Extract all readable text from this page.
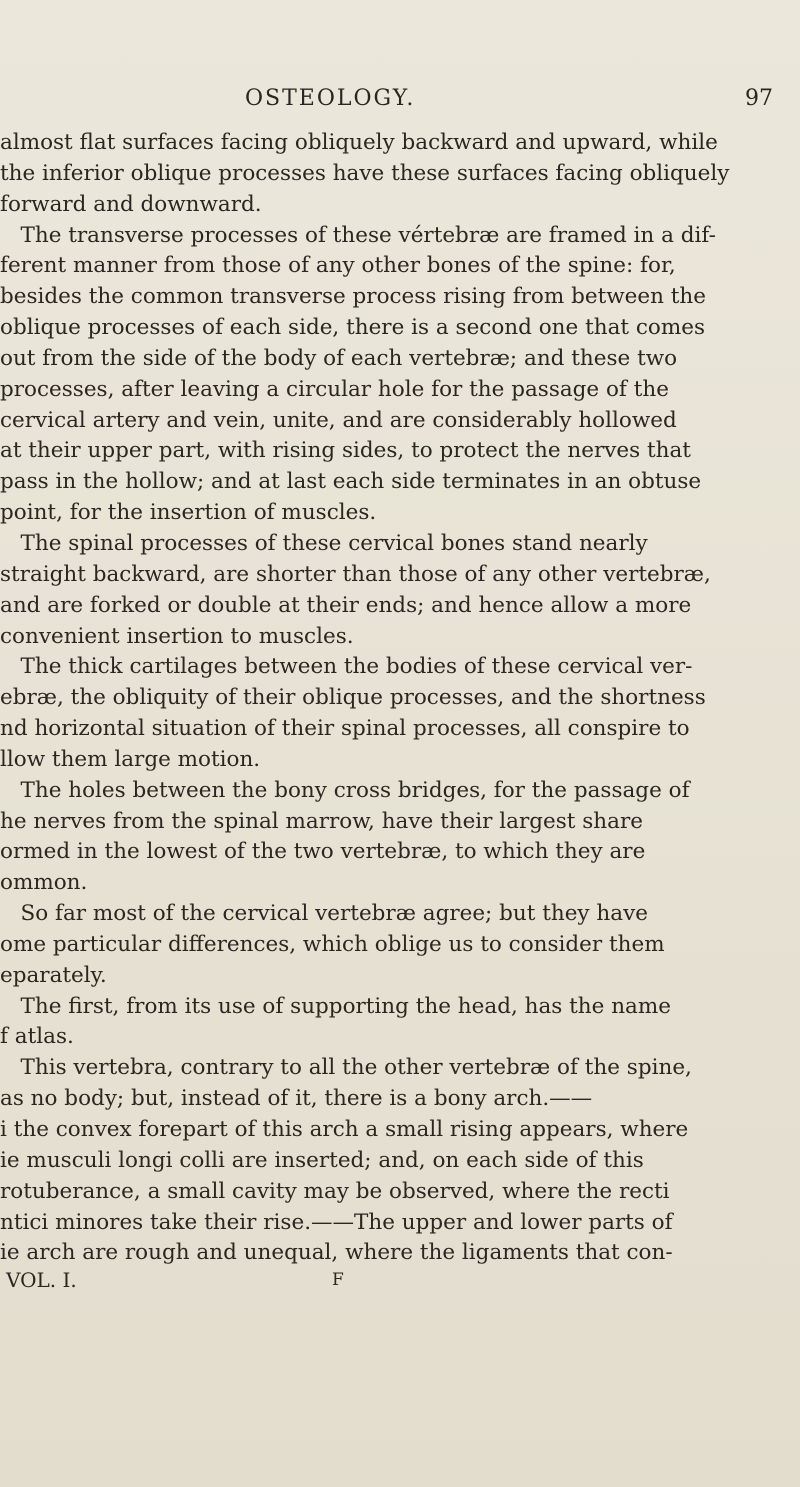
OSTEOLOGY.	97
almost flat surfaces facing obliquely backward and upward, while
the inferior oblique processes have these surfaces facing obliquely
forward and downward.
The transverse processes of these vértebræ are framed in a dif-
ferent manner from those of any other bones of the spine: for,
besides the common transverse process rising from between the
oblique processes of each side, there is a second one that comes
out from the side of the body of each vertebræ; and these two
processes, after leaving a circular hole for the passage of the
cervical artery and vein, unite, and are considerably hollowed
at their upper part, with rising sides, to protect the nerves that
pass in the hollow; and at last each side terminates in an obtuse
point, for the insertion of muscles.
The spinal processes of these cervical bones stand nearly
straight backward, are shorter than those of any other vertebræ,
and are forked or double at their ends; and hence allow a more
convenient insertion to muscles.
The thick cartilages between the bodies of these cervical ver-
ebræ, the obliquity of their oblique processes, and the shortness
nd horizontal situation of their spinal processes, all conspire to
llow them large motion.
The holes between the bony cross bridges, for the passage of
he nerves from the spinal marrow, have their largest share
ormed in the lowest of the two vertebræ, to which they are
ommon.
So far most of the cervical vertebræ agree; but they have
ome particular differences, which oblige us to consider them
eparately.
The first, from its use of supporting the head, has the name
f atlas.
This vertebra, contrary to all the other vertebræ of the spine,
as no body; but, instead of it, there is a bony arch.——
i the convex forepart of this arch a small rising appears, where
ie musculi longi colli are inserted; and, on each side of this
rotuberance, a small cavity may be observed, where the recti
ntici minores take their rise.——The upper and lower parts of
ie arch are rough and unequal, where the ligaments that con-
VOL. I.	F
